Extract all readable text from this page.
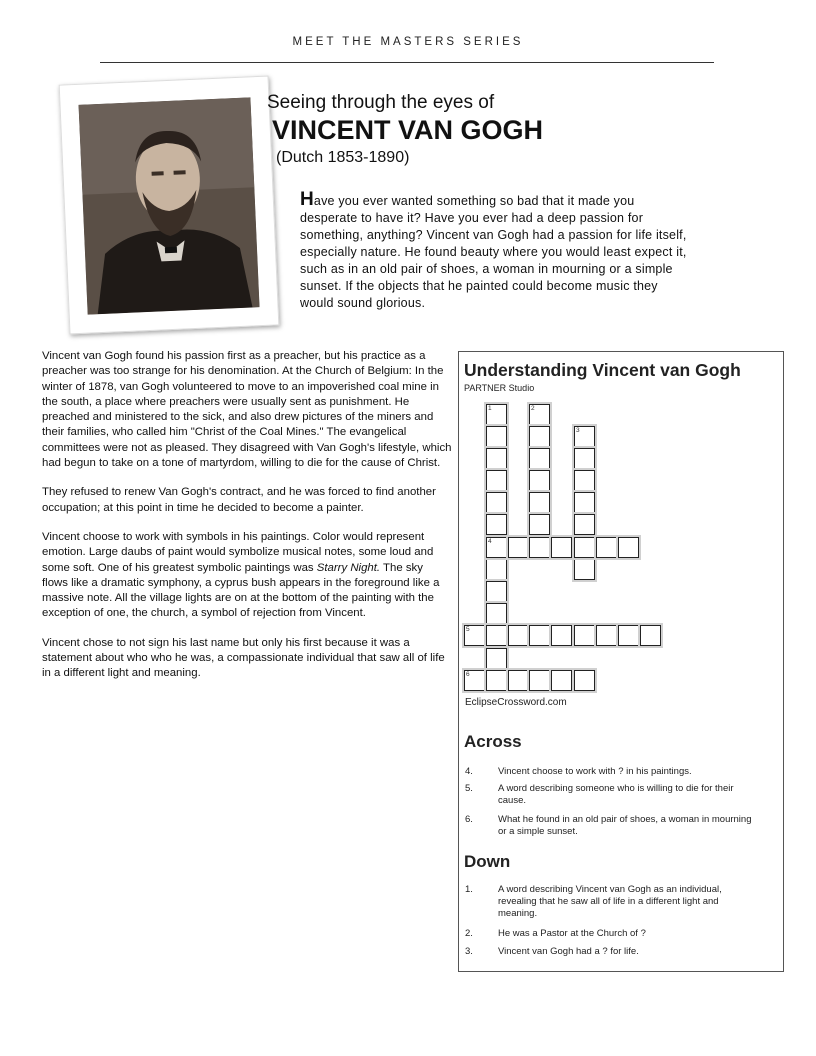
MEET THE MASTERS SERIES
Seeing through the eyes of
VINCENT VAN GOGH
(Dutch 1853-1890)
Have you ever wanted something so bad that it made you desperate to have it? Have you ever had a deep passion for something, anything? Vincent van Gogh had a passion for life itself, especially nature. He found beauty where you would least expect it, such as in an old pair of shoes, a woman in mourning or a simple sunset. If the objects that he painted could become music they would sound glorious.

Vincent van Gogh found his passion first as a preacher, but his practice as a preacher was too strange for his denomination. At the Church of Belgium: In the winter of 1878, van Gogh volunteered to move to an impoverished coal mine in the south, a place where preachers were usually sent as punishment. He preached and ministered to the sick, and also drew pictures of the miners and their families, who called him "Christ of the Coal Mines." The evangelical committees were not as pleased. They disagreed with Van Gogh's lifestyle, which had begun to take on a tone of martyrdom, willing to die for the cause of Christ.

They refused to renew Van Gogh's contract, and he was forced to find another occupation; at this point in time he decided to become a painter.

Vincent choose to work with symbols in his paintings. Color would represent emotion. Large daubs of paint would symbolize musical notes, some loud and some soft. One of his greatest symbolic paintings was Starry Night. The sky flows like a dramatic symphony, a cyprus bush appears in the foreground like a massive note. All the village lights are on at the bottom of the painting with the exception of one, the church, a symbol of rejection from Vincent.

Vincent chose to not sign his last name but only his first because it was a statement about who who he was, a compassionate individual that saw all of life in a different light and meaning.

Understanding Vincent van Gogh
PARTNER Studio
1	2
3
4
5
6
EclipseCrossword.com
Across
4.	Vincent choose to work with ? in his paintings.
5.	A word describing someone who is willing to die for their cause.
6.	What he found in an old pair of shoes, a woman in mourning or a simple sunset.
Down
1.	A word describing Vincent van Gogh as an individual, revealing that he saw all of life in a different light and meaning.
2.	He was a Pastor at the Church of ?
3.	Vincent van Gogh had a ? for life.
